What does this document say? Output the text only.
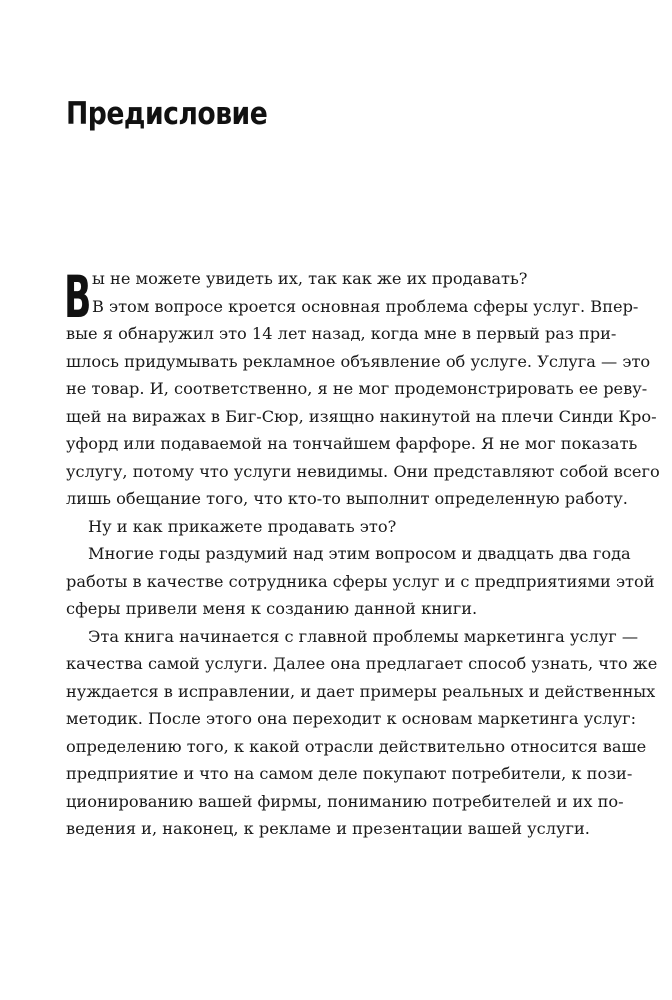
Предисловие
В ы не можете увидеть их, так как же их продавать?
В этом вопросе кроется основная проблема сферы услуг. Впер-
вые я обнаружил это 14 лет назад, когда мне в первый раз при-
шлось придумывать рекламное объявление об услуге. Услуга — это
не товар. И, соответственно, я не мог продемонстрировать ее реву-
щей на виражах в Биг-Сюр, изящно накинутой на плечи Синди Кро-
уфорд или подаваемой на тончайшем фарфоре. Я не мог показать
услугу, потому что услуги невидимы. Они представляют собой всего
лишь обещание того, что кто-то выполнит определенную работу.
Ну и как прикажете продавать это?
Многие годы раздумий над этим вопросом и двадцать два года
работы в качестве сотрудника сферы услуг и с предприятиями этой
сферы привели меня к созданию данной книги.
Эта книга начинается с главной проблемы маркетинга услуг —
качества самой услуги. Далее она предлагает способ узнать, что же
нуждается в исправлении, и дает примеры реальных и действенных
методик. После этого она переходит к основам маркетинга услуг:
определению того, к какой отрасли действительно относится ваше
предприятие и что на самом деле покупают потребители, к пози-
ционированию вашей фирмы, пониманию потребителей и их по-
ведения и, наконец, к рекламе и презентации вашей услуги.
